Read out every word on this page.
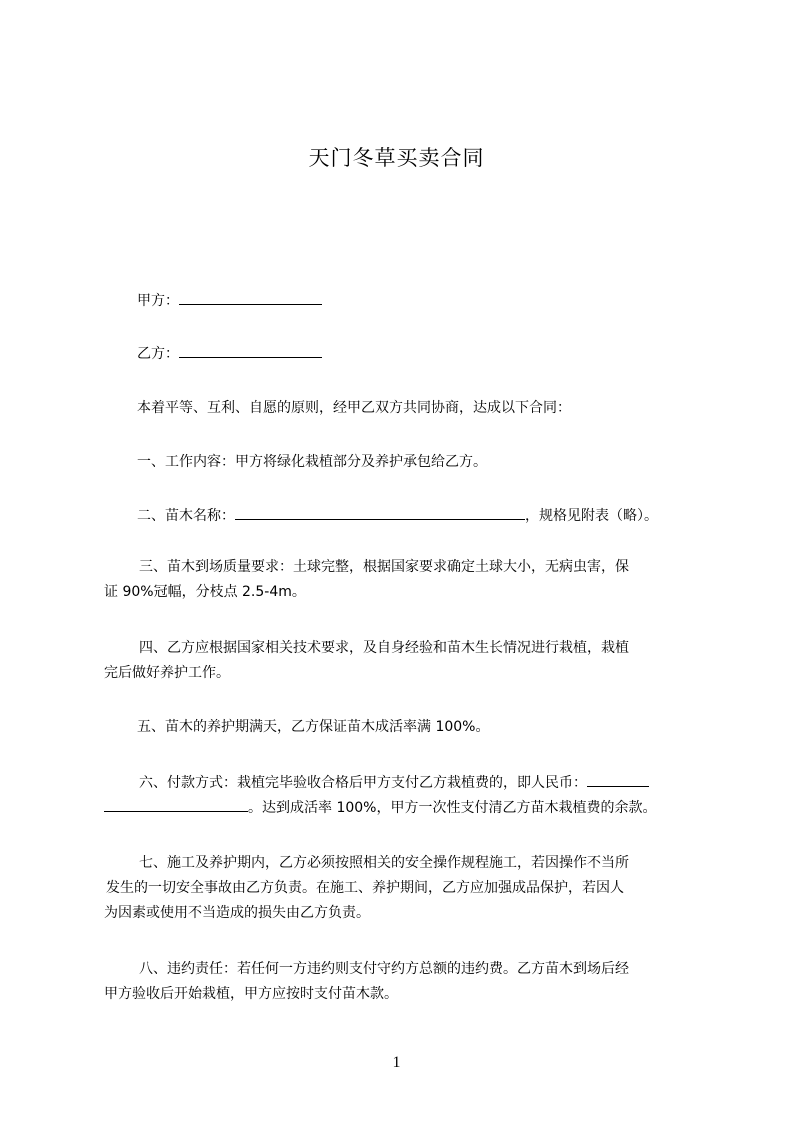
天门冬草买卖合同
甲方：
乙方：
本着平等、互利、自愿的原则，经甲乙双方共同协商，达成以下合同：
一、工作内容：甲方将绿化栽植部分及养护承包给乙方。
二、苗木名称：	，规格见附表（略）。
三、苗木到场质量要求：土球完整，根据国家要求确定土球大小，无病虫害，保
证 90%冠幅，分枝点 2.5-4m。
四、乙方应根据国家相关技术要求，及自身经验和苗木生长情况进行栽植，栽植
完后做好养护工作。
五、苗木的养护期满天，乙方保证苗木成活率满 100%。
六、付款方式：栽植完毕验收合格后甲方支付乙方栽植费的，即人民币：
。达到成活率 100%，甲方一次性支付清乙方苗木栽植费的余款。
七、施工及养护期内，乙方必须按照相关的安全操作规程施工，若因操作不当所
发生的一切安全事故由乙方负责。在施工、养护期间，乙方应加强成品保护，若因人
为因素或使用不当造成的损失由乙方负责。
八、违约责任：若任何一方违约则支付守约方总额的违约费。乙方苗木到场后经
甲方验收后开始栽植，甲方应按时支付苗木款。
1
